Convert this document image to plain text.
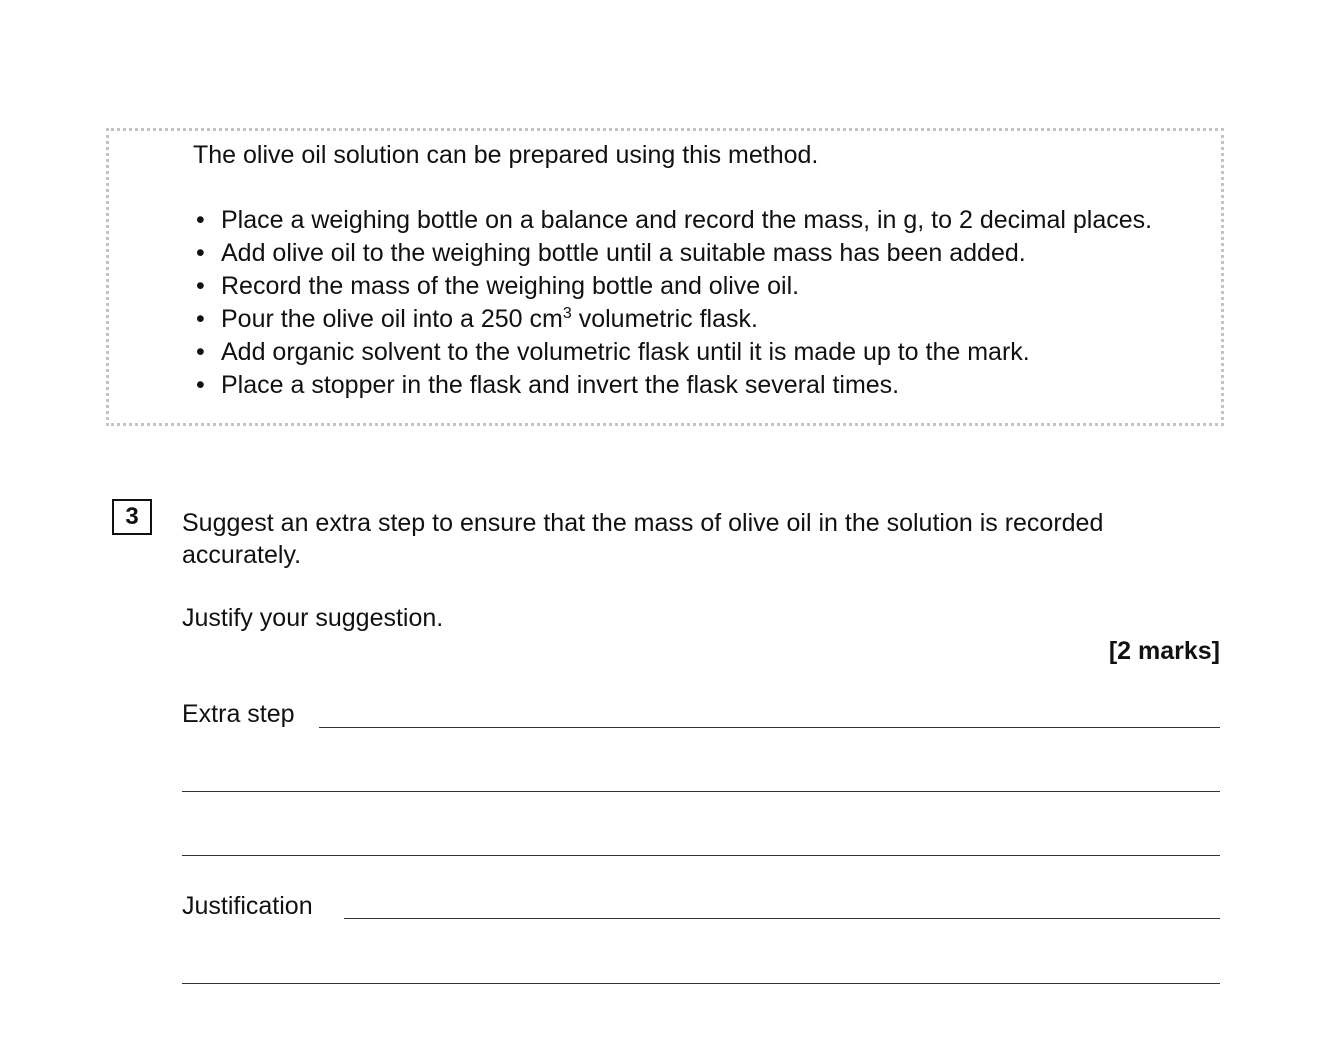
The olive oil solution can be prepared using this method.
• Place a weighing bottle on a balance and record the mass, in g, to 2 decimal places.
• Add olive oil to the weighing bottle until a suitable mass has been added.
• Record the mass of the weighing bottle and olive oil.
• Pour the olive oil into a 250 $cm^3$ volumetric flask.
• Add organic solvent to the volumetric flask until it is made up to the mark.
• Place a stopper in the flask and invert the flask several times.
3	Suggest an extra step to ensure that the mass of olive oil in the solution is recorded accurately.
Justify your suggestion.
[2 marks]
Extra step
Justification
